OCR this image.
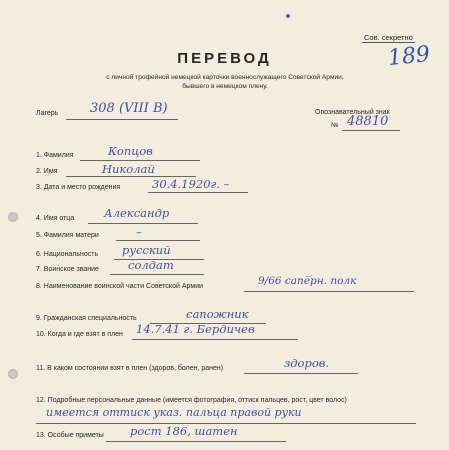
Сов. секретно
189
ПЕРЕВОД
с личной трофейной немецкой карточки военнослужащего Советской Армии,
бывшего в немецком плену.
Лагерь 308 (VIII B)	Опознавательный знак
№ 48810
1. Фамилия	Копцов
2. Имя	Николай
3. Дата и место рождения	30.4.1920г. –
4. Имя отца	Александр
5. Фамилия матери	–
6. Национальность русский
7. Воинское звание	солдат
8. Наименование воинской части Советской Армии	9/66 сапёрн. полк
9. Гражданская специальность	сапожник
10. Когда и где взят в плен 14.7.41 г. Бердичев
11. В каком состоянии взят в плен (здоров, болен, ранен)	здоров.
12. Подробные персональные данные (имеется фотография, оттиск пальцев, рост, цвет волос)
имеется оттиск указ. пальца правой руки
13. Особые приметы рост 186, шатен
